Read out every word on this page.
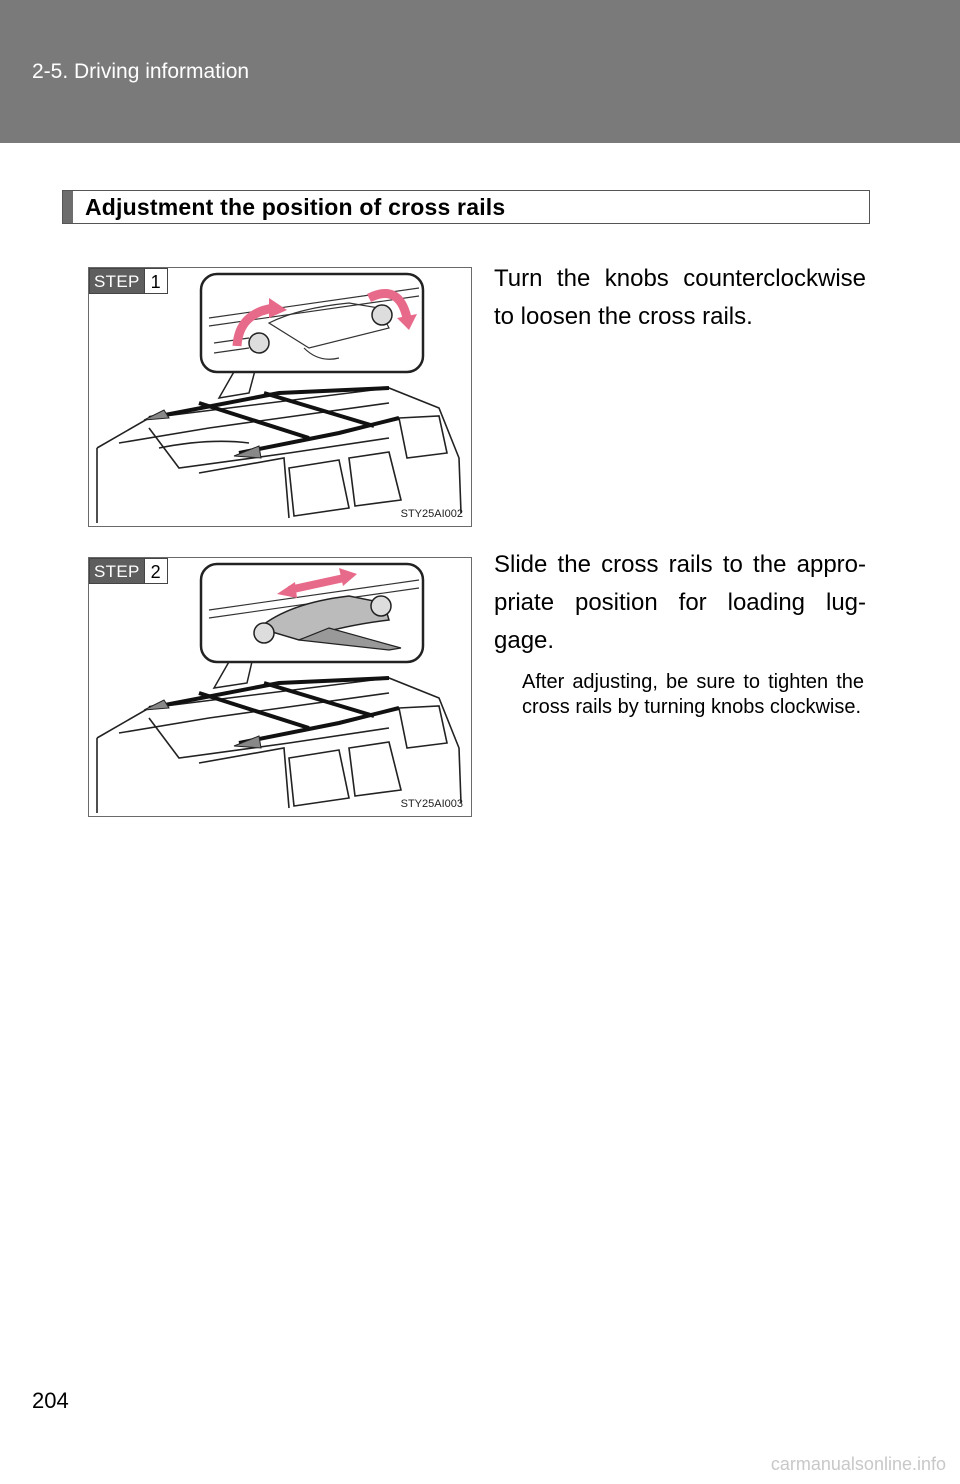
2-5. Driving information
Adjustment the position of cross rails
STEP 1
STY25AI002
Turn the knobs counterclockwise to loosen the cross rails.
STEP 2
STY25AI003
Slide the cross rails to the appro-priate position for loading lug-gage.
After adjusting, be sure to tighten the cross rails by turning knobs clockwise.
204
carmanualsonline.info
